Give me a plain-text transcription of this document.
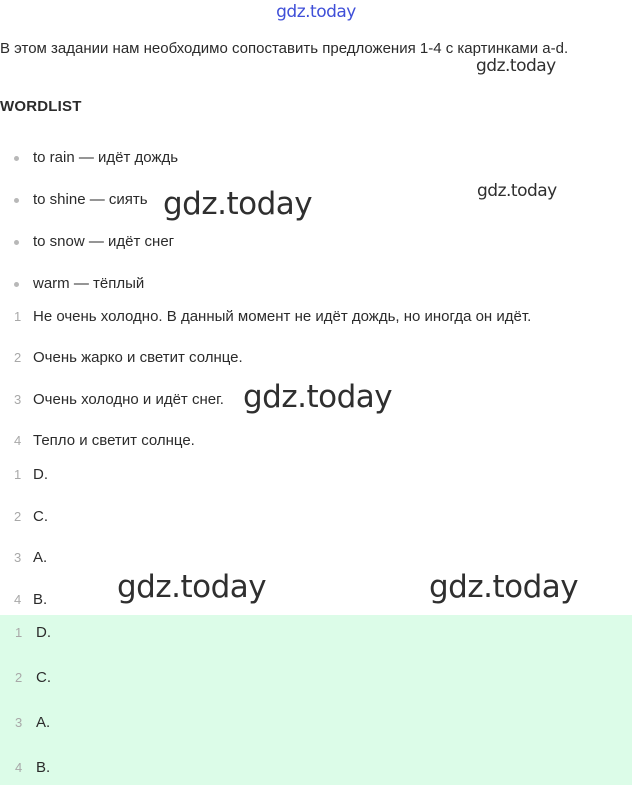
gdz.today
В этом задании нам необходимо сопоставить предложения 1-4 с картинками a-d.
WORDLIST
to rain — идёт дождь
to shine — сиять
to snow — идёт снег
warm — тёплый
1 Не очень холодно. В данный момент не идёт дождь, но иногда он идёт.
2 Очень жарко и светит солнце.
3 Очень холодно и идёт снег.
4 Тепло и светит солнце.
1 D.
2 C.
3 A.
4 B.
1 D.
2 C.
3 A.
4 B.
gdz.today
gdz.today	gdz.today
gdz.today
gdz.today	gdz.today
